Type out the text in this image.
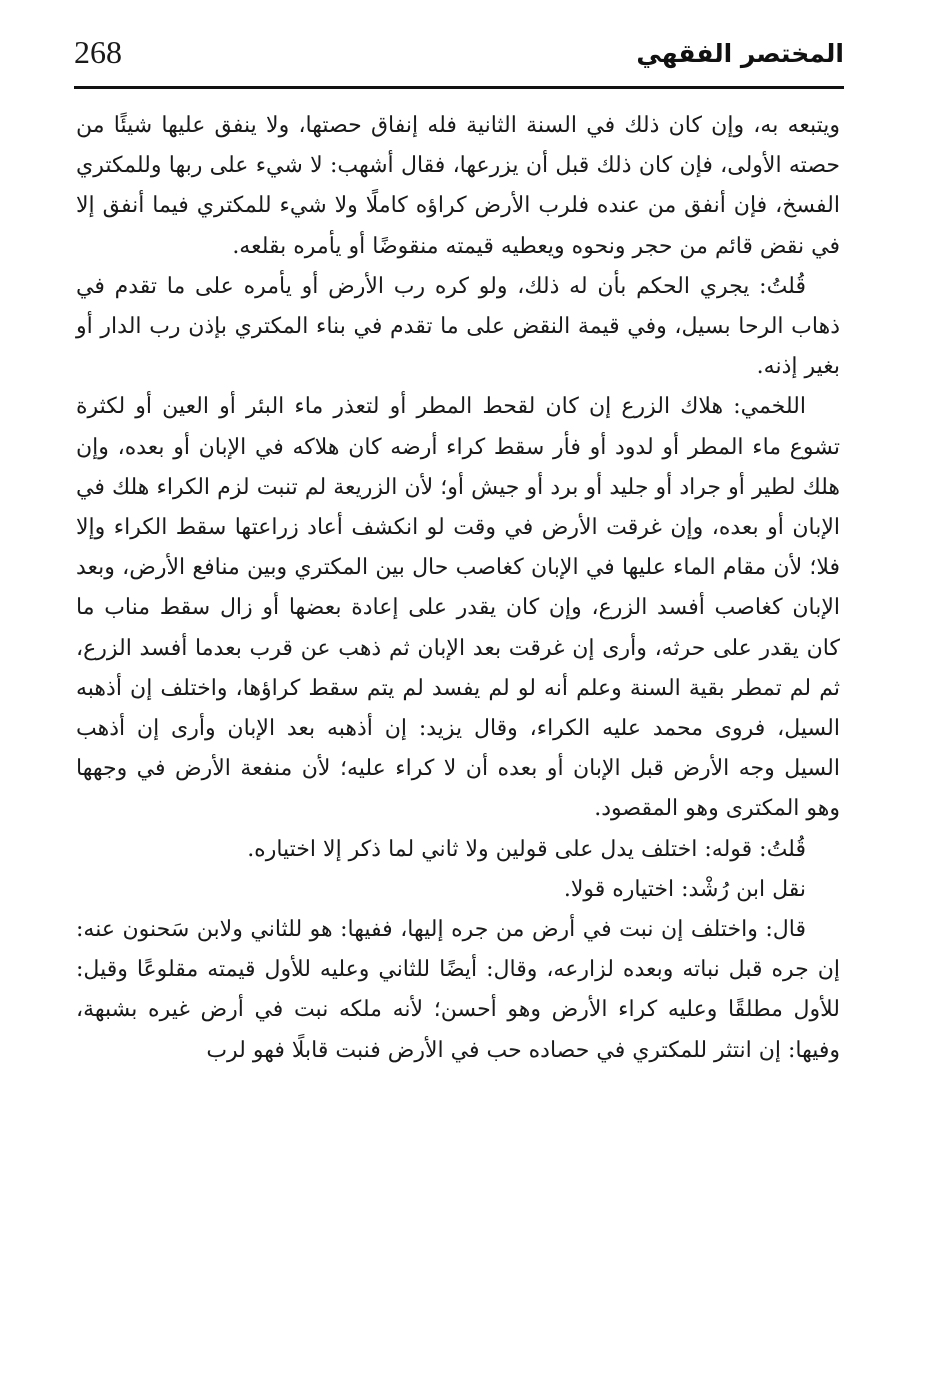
268	المختصر الفقهي

ويتبعه به، وإن كان ذلك في السنة الثانية فله إنفاق حصتها، ولا ينفق عليها شيئًا من حصته الأولى، فإن كان ذلك قبل أن يزرعها، فقال أشهب: لا شيء على ربها وللمكتري الفسخ، فإن أنفق من عنده فلرب الأرض كراؤه كاملًا ولا شيء للمكتري فيما أنفق إلا في نقض قائم من حجر ونحوه ويعطيه قيمته منقوضًا أو يأمره بقلعه.

قُلتُ: يجري الحكم بأن له ذلك، ولو كره رب الأرض أو يأمره على ما تقدم في ذهاب الرحا بسيل، وفي قيمة النقض على ما تقدم في بناء المكتري بإذن رب الدار أو بغير إذنه.

اللخمي: هلاك الزرع إن كان لقحط المطر أو لتعذر ماء البئر أو العين أو لكثرة تشوع ماء المطر أو لدود أو فأر سقط كراء أرضه كان هلاكه في الإبان أو بعده، وإن هلك لطير أو جراد أو جليد أو برد أو جيش أو؛ لأن الزريعة لم تنبت لزم الكراء هلك في الإبان أو بعده، وإن غرقت الأرض في وقت لو انكشف أعاد زراعتها سقط الكراء وإلا فلا؛ لأن مقام الماء عليها في الإبان كغاصب حال بين المكتري وبين منافع الأرض، وبعد الإبان كغاصب أفسد الزرع، وإن كان يقدر على إعادة بعضها أو زال سقط مناب ما كان يقدر على حرثه، وأرى إن غرقت بعد الإبان ثم ذهب عن قرب بعدما أفسد الزرع، ثم لم تمطر بقية السنة وعلم أنه لو لم يفسد لم يتم سقط كراؤها، واختلف إن أذهبه السيل، فروى محمد عليه الكراء، وقال يزيد: إن أذهبه بعد الإبان وأرى إن أذهب السيل وجه الأرض قبل الإبان أو بعده أن لا كراء عليه؛ لأن منفعة الأرض في وجهها وهو المكترى وهو المقصود.

قُلتُ: قوله: اختلف يدل على قولين ولا ثاني لما ذكر إلا اختياره.

نقل ابن رُشْد: اختياره قولا.

قال: واختلف إن نبت في أرض من جره إليها، ففيها: هو للثاني ولابن سَحنون عنه: إن جره قبل نباته وبعده لزارعه، وقال: أيضًا للثاني وعليه للأول قيمته مقلوعًا وقيل: للأول مطلقًا وعليه كراء الأرض وهو أحسن؛ لأنه ملكه نبت في أرض غيره بشبهة، وفيها: إن انتثر للمكتري في حصاده حب في الأرض فنبت قابلًا فهو لرب
